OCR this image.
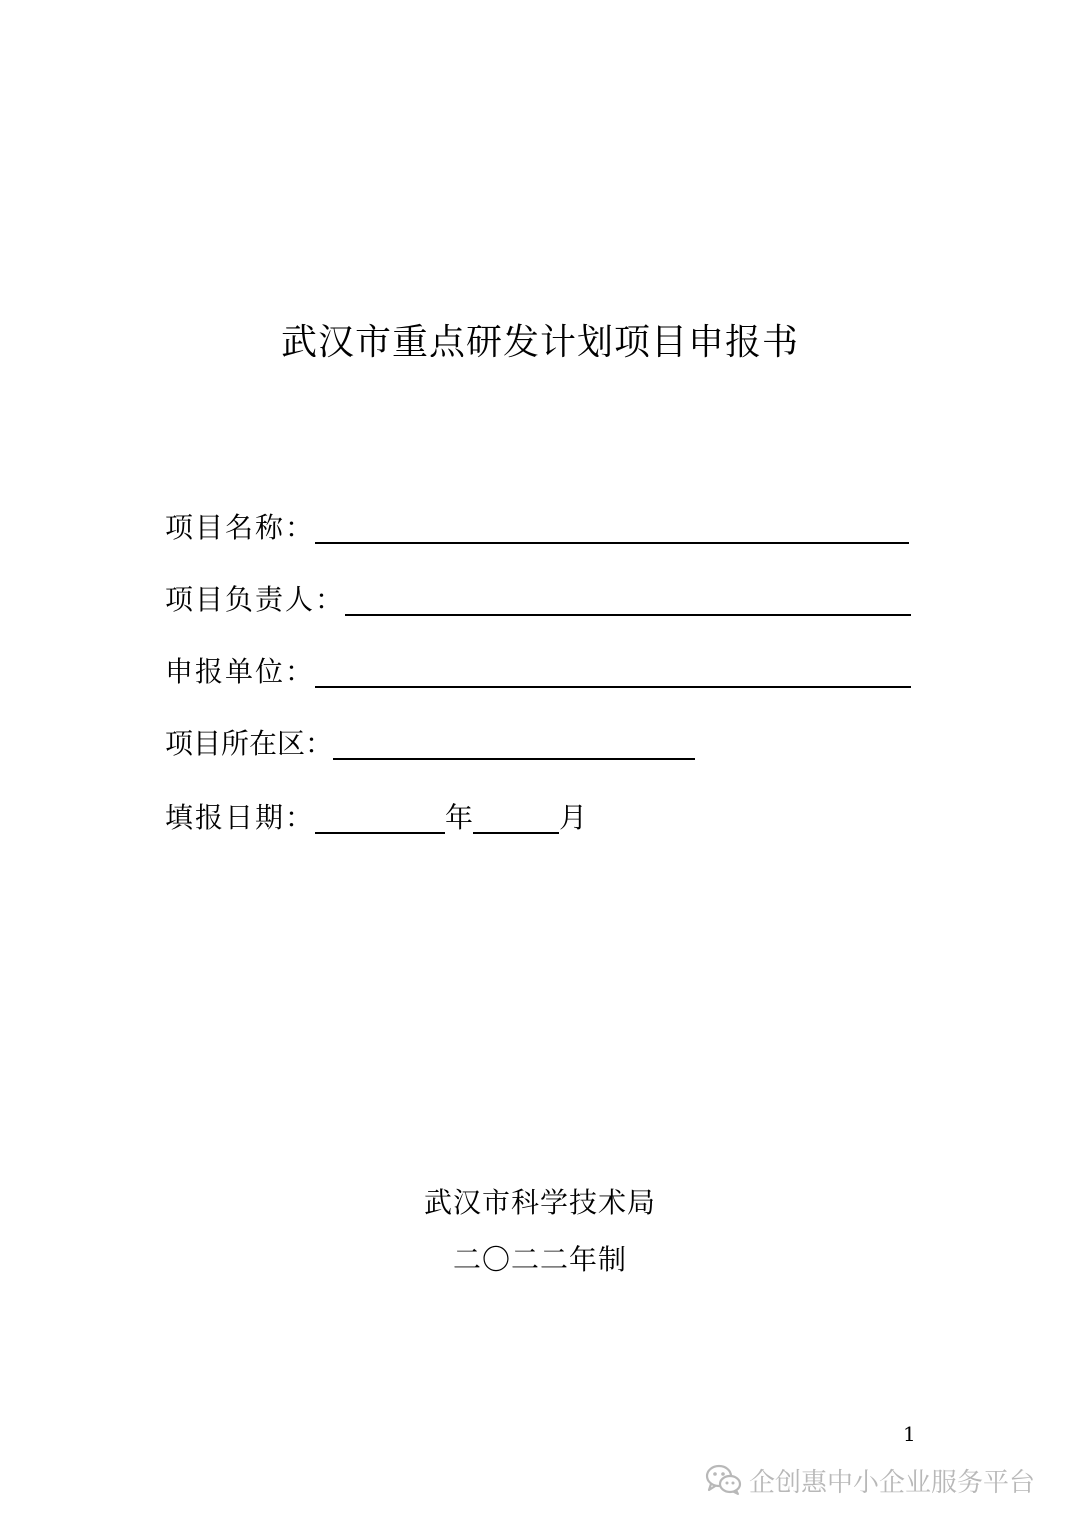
武汉市重点研发计划项目申报书
项目名称：
项目负责人：
申报单位：
项目所在区：
填报日期：	年	月
武汉市科学技术局
二〇二二年制
1
企创惠中小企业服务平台
